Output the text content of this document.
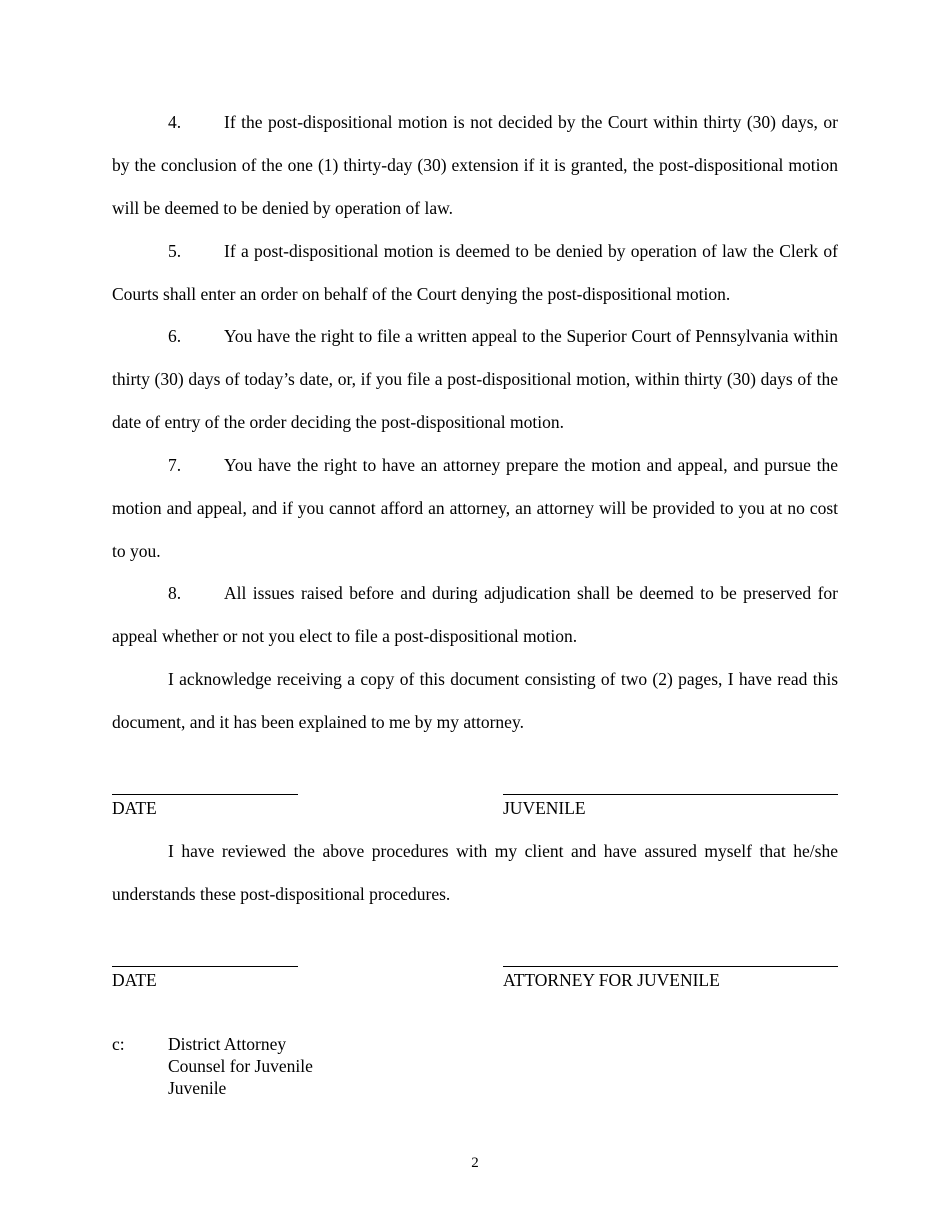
4. If the post-dispositional motion is not decided by the Court within thirty (30) days, or by the conclusion of the one (1) thirty-day (30) extension if it is granted, the post-dispositional motion will be deemed to be denied by operation of law.

5. If a post-dispositional motion is deemed to be denied by operation of law the Clerk of Courts shall enter an order on behalf of the Court denying the post-dispositional motion.

6. You have the right to file a written appeal to the Superior Court of Pennsylvania within thirty (30) days of today’s date, or, if you file a post-dispositional motion, within thirty (30) days of the date of entry of the order deciding the post-dispositional motion.

7. You have the right to have an attorney prepare the motion and appeal, and pursue the motion and appeal, and if you cannot afford an attorney, an attorney will be provided to you at no cost to you.

8. All issues raised before and during adjudication shall be deemed to be preserved for appeal whether or not you elect to file a post-dispositional motion.

I acknowledge receiving a copy of this document consisting of two (2) pages, I have read this document, and it has been explained to me by my attorney.

DATE	JUVENILE

I have reviewed the above procedures with my client and have assured myself that he/she understands these post-dispositional procedures.

DATE	ATTORNEY FOR JUVENILE
c: District Attorney
Counsel for Juvenile
Juvenile
2
